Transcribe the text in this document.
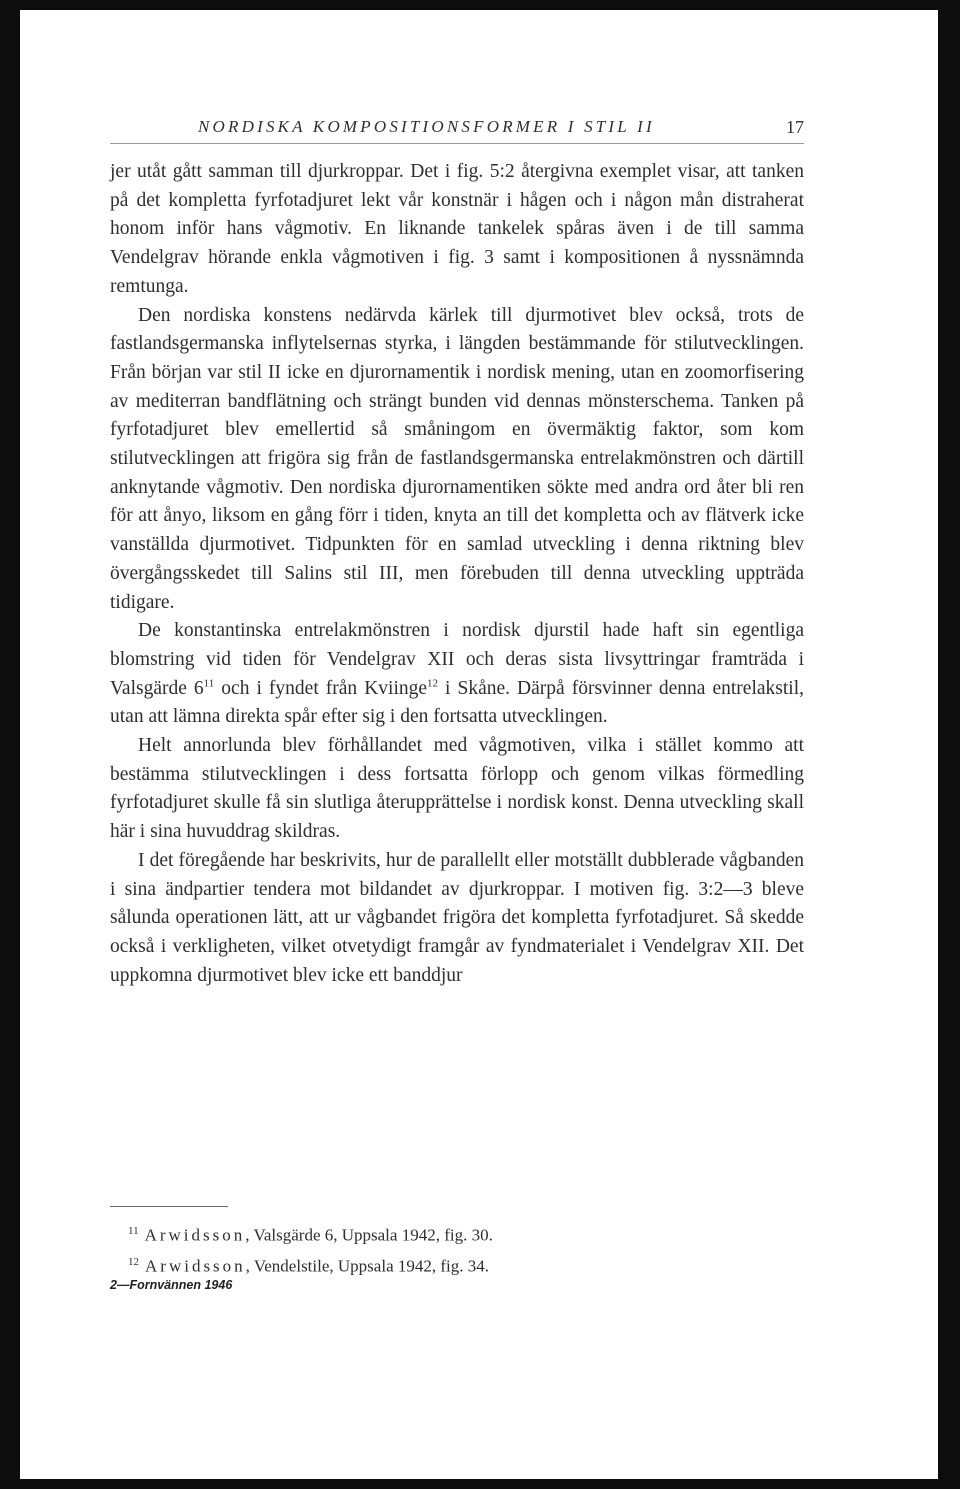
NORDISKA KOMPOSITIONSFORMER I STIL II	17

jer utåt gått samman till djurkroppar. Det i fig. 5:2 återgivna exemplet visar, att tanken på det kompletta fyrfotadjuret lekt vår konstnär i hågen och i någon mån distraherat honom inför hans vågmotiv. En liknande tankelek spåras även i de till samma Vendelgrav hörande enkla vågmotiven i fig. 3 samt i kompositionen å nyssnämnda remtunga.

Den nordiska konstens nedärvda kärlek till djurmotivet blev också, trots de fastlandsgermanska inflytelsernas styrka, i längden bestämmande för stilutvecklingen. Från början var stil II icke en djurornamentik i nordisk mening, utan en zoomorfisering av mediterran bandflätning och strängt bunden vid dennas mönsterschema. Tanken på fyrfotadjuret blev emellertid så småningom en övermäktig faktor, som kom stilutvecklingen att frigöra sig från de fastlandsgermanska entrelakmönstren och därtill anknytande vågmotiv. Den nordiska djurornamentiken sökte med andra ord åter bli ren för att ånyo, liksom en gång förr i tiden, knyta an till det kompletta och av flätverk icke vanställda djurmotivet. Tidpunkten för en samlad utveckling i denna riktning blev övergångsskedet till Salins stil III, men förebuden till denna utveckling uppträda tidigare.

De konstantinska entrelakmönstren i nordisk djurstil hade haft sin egentliga blomstring vid tiden för Vendelgrav XII och deras sista livsyttringar framträda i Valsgärde $6^{11}$ och i fyndet från Kviinge$^{12}$ i Skåne. Därpå försvinner denna entrelakstil, utan att lämna direkta spår efter sig i den fortsatta utvecklingen.

Helt annorlunda blev förhållandet med vågmotiven, vilka i stället kommo att bestämma stilutvecklingen i dess fortsatta förlopp och genom vilkas förmedling fyrfotadjuret skulle få sin slutliga återupprättelse i nordisk konst. Denna utveckling skall här i sina huvuddrag skildras.

I det föregående har beskrivits, hur de parallellt eller motställt dubblerade vågbanden i sina ändpartier tendera mot bildandet av djurkroppar. I motiven fig. 3:2—3 bleve sålunda operationen lätt, att ur vågbandet frigöra det kompletta fyrfotadjuret. Så skedde också i verkligheten, vilket otvetydigt framgår av fyndmaterialet i Vendelgrav XII. Det uppkomna djurmotivet blev icke ett banddjur

$^{11}$ Arwidsson, Valsgärde 6, Uppsala 1942, fig. 30.
$^{12}$ Arwidsson, Vendelstile, Uppsala 1942, fig. 34.
2—Fornvännen 1946
